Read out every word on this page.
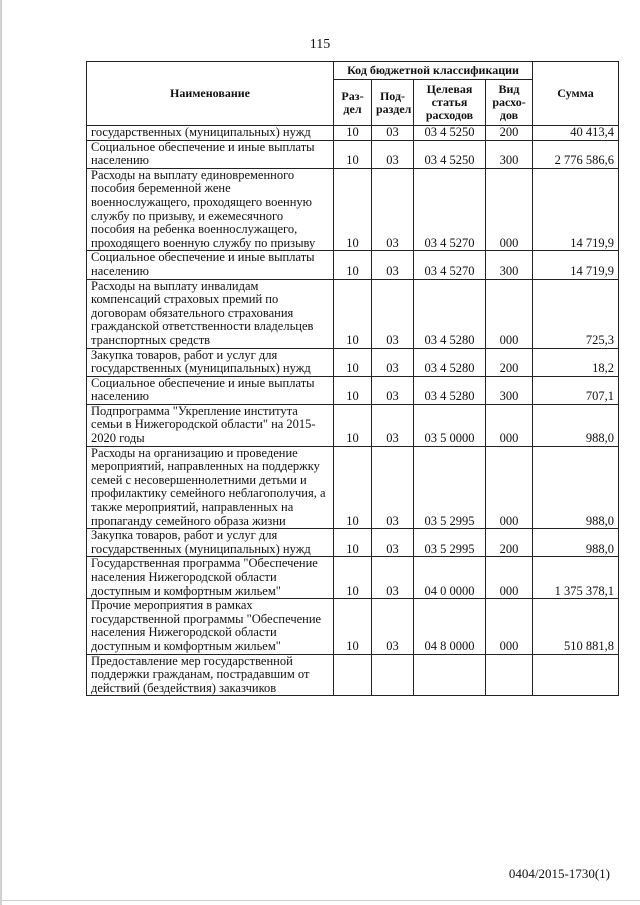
115
Наименование	Код бюджетной классификации				Сумма
	Раз-дел	Под-раздел	Целевая статья расходов	Вид расхо-дов	
государственных (муниципальных) нужд	10	03	03 4 5250	200	40 413,4
Социальное обеспечение и иные выплаты населению	10	03	03 4 5250	300	2 776 586,6
Расходы на выплату единовременного пособия беременной жене военнослужащего, проходящего военную службу по призыву, и ежемесячного пособия на ребенка военнослужащего, проходящего военную службу по призыву	10	03	03 4 5270	000	14 719,9
Социальное обеспечение и иные выплаты населению	10	03	03 4 5270	300	14 719,9
Расходы на выплату инвалидам компенсаций страховых премий по договорам обязательного страхования гражданской ответственности владельцев транспортных средств	10	03	03 4 5280	000	725,3
Закупка товаров, работ и услуг для государственных (муниципальных) нужд	10	03	03 4 5280	200	18,2
Социальное обеспечение и иные выплаты населению	10	03	03 4 5280	300	707,1
Подпрограмма "Укрепление института семьи в Нижегородской области" на 2015-2020 годы	10	03	03 5 0000	000	988,0
Расходы на организацию и проведение мероприятий, направленных на поддержку семей с несовершеннолетними детьми и профилактику семейного неблагополучия, а также мероприятий, направленных на пропаганду семейного образа жизни	10	03	03 5 2995	000	988,0
Закупка товаров, работ и услуг для государственных (муниципальных) нужд	10	03	03 5 2995	200	988,0
Государственная программа "Обеспечение населения Нижегородской области доступным и комфортным жильем"	10	03	04 0 0000	000	1 375 378,1
Прочие мероприятия в рамках государственной программы "Обеспечение населения Нижегородской области доступным и комфортным жильем"	10	03	04 8 0000	000	510 881,8
Предоставление мер государственной поддержки гражданам, пострадавшим от действий (бездействия) заказчиков					
0404/2015-1730(1)
